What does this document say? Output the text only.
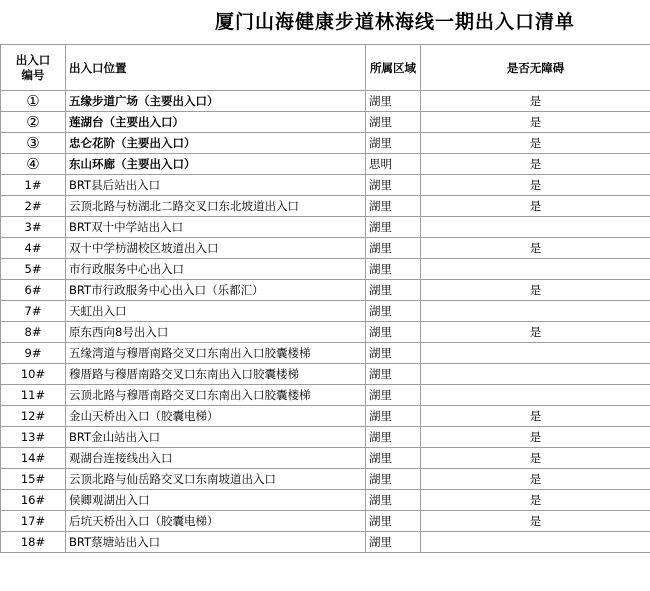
厦门山海健康步道林海线一期出入口清单
出入口
编号	出入口位置	所属区域	是否无障碍
①	五缘步道广场（主要出入口）	湖里	是
②	莲湖台（主要出入口）	湖里	是
③	忠仑花阶（主要出入口）	湖里	是
④	东山环廊（主要出入口）	思明	是
1#	BRT县后站出入口	湖里	是
2#	云顶北路与枋湖北二路交叉口东北坡道出入口	湖里	是
3#	BRT双十中学站出入口	湖里	
4#	双十中学枋湖校区坡道出入口	湖里	是
5#	市行政服务中心出入口	湖里	
6#	BRT市行政服务中心出入口（乐都汇）	湖里	是
7#	天虹出入口	湖里	
8#	原东西向8号出入口	湖里	是
9#	五缘湾道与穆厝南路交叉口东南出入口胶囊楼梯	湖里	
10#	穆厝路与穆厝南路交叉口东南出入口胶囊楼梯	湖里	
11#	云顶北路与穆厝南路交叉口东南出入口胶囊楼梯	湖里	
12#	金山天桥出入口（胶囊电梯）	湖里	是
13#	BRT金山站出入口	湖里	是
14#	观湖台连接线出入口	湖里	是
15#	云顶北路与仙岳路交叉口东南坡道出入口	湖里	是
16#	侯卿观湖出入口	湖里	是
17#	后坑天桥出入口（胶囊电梯）	湖里	是
18#	BRT蔡塘站出入口	湖里	
